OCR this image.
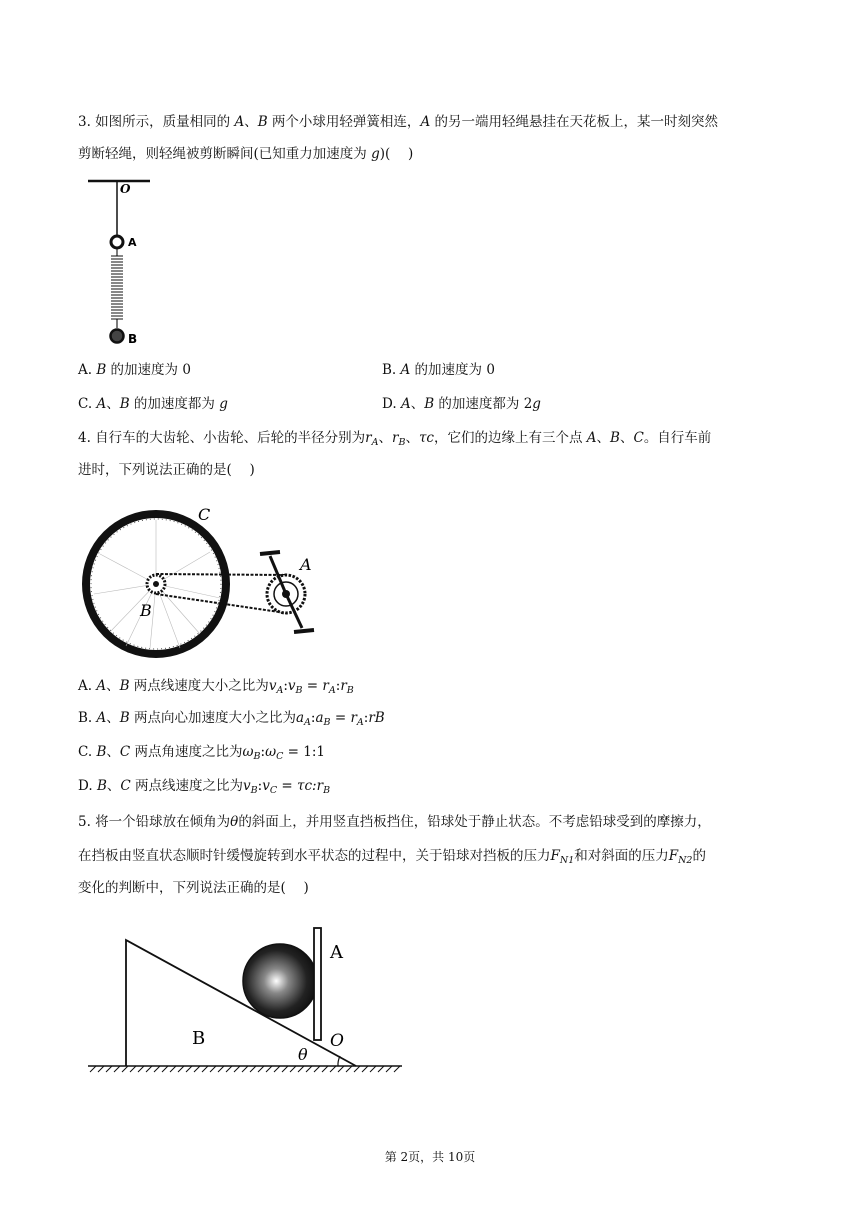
3. 如图所示，质量相同的 A、B 两个小球用轻弹簧相连，A 的另一端用轻绳悬挂在天花板上，某一时刻突然
剪断轻绳，则轻绳被剪断瞬间(已知重力加速度为 g)(　 )
O
A
B
A. B 的加速度为 0	B. A 的加速度为 0
C. A、B 的加速度都为 g	D. A、B 的加速度都为 2g
4. 自行车的大齿轮、小齿轮、后轮的半径分别为$r_A$、$r_B$、τc，它们的边缘上有三个点 A、B、C。自行车前
进时，下列说法正确的是(　 )
C
A
B
A. A、B 两点线速度大小之比为$v_A:v_B$ = $r_A:r_B$
B. A、B 两点向心加速度大小之比为$a_A:a_B$ = $r_A:rB$
C. B、C 两点角速度之比为$\omega_B:\omega_C$ = 1:1
D. B、C 两点线速度之比为$v_B:v_C$ = $\tau c:r_B$
5. 将一个铅球放在倾角为θ的斜面上，并用竖直挡板挡住，铅球处于静止状态。不考虑铅球受到的摩擦力，
在挡板由竖直状态顺时针缓慢旋转到水平状态的过程中，关于铅球对挡板的压力$F_{N1}$和对斜面的压力$F_{N2}$的
变化的判断中，下列说法正确的是(　 )
A
B	O
θ
第 2页，共 10页
